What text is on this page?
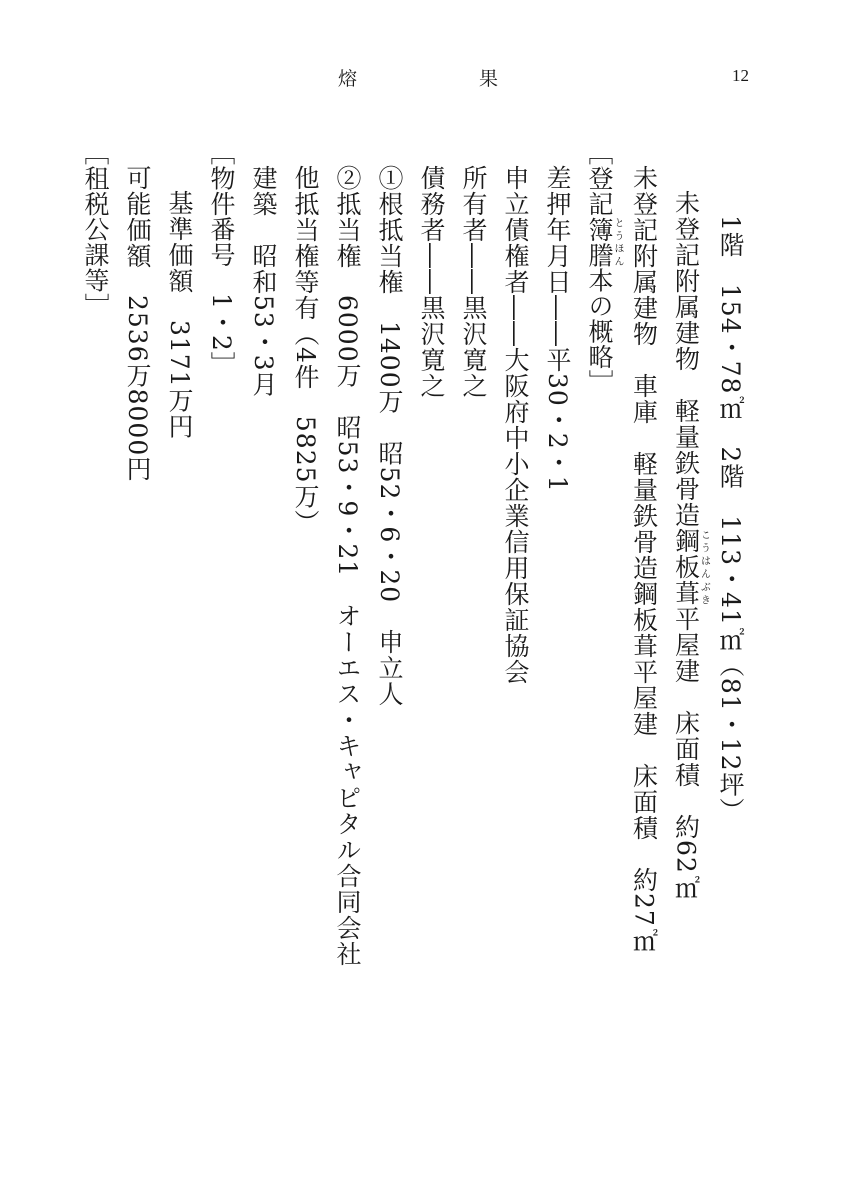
熔	果	12
1階　154・78㎡　2階　113・41㎡（81・12坪）
未登記附属建物　軽量鉄骨造鋼板葺こうはんぶき平屋建　床面積　約62㎡
未登記附属建物　車庫　軽量鉄骨造鋼板葺平屋建　床面積　約27㎡
［登記簿謄とうほん本の概略］
差押年月日――平30・2・1
申立債権者――大阪府中小企業信用保証協会
所有者――黒沢寛之
債務者――黒沢寛之
①根抵当権　1400万　昭52・6・20　申立人
②抵当権　6000万　昭53・9・21　オーエス・キャピタル合同会社
他抵当権等有（4件　5825万）
建築　昭和53・3月
［物件番号　1・2］
基準価額　3171万円
可能価額　2536万8000円
［租税公課等］
